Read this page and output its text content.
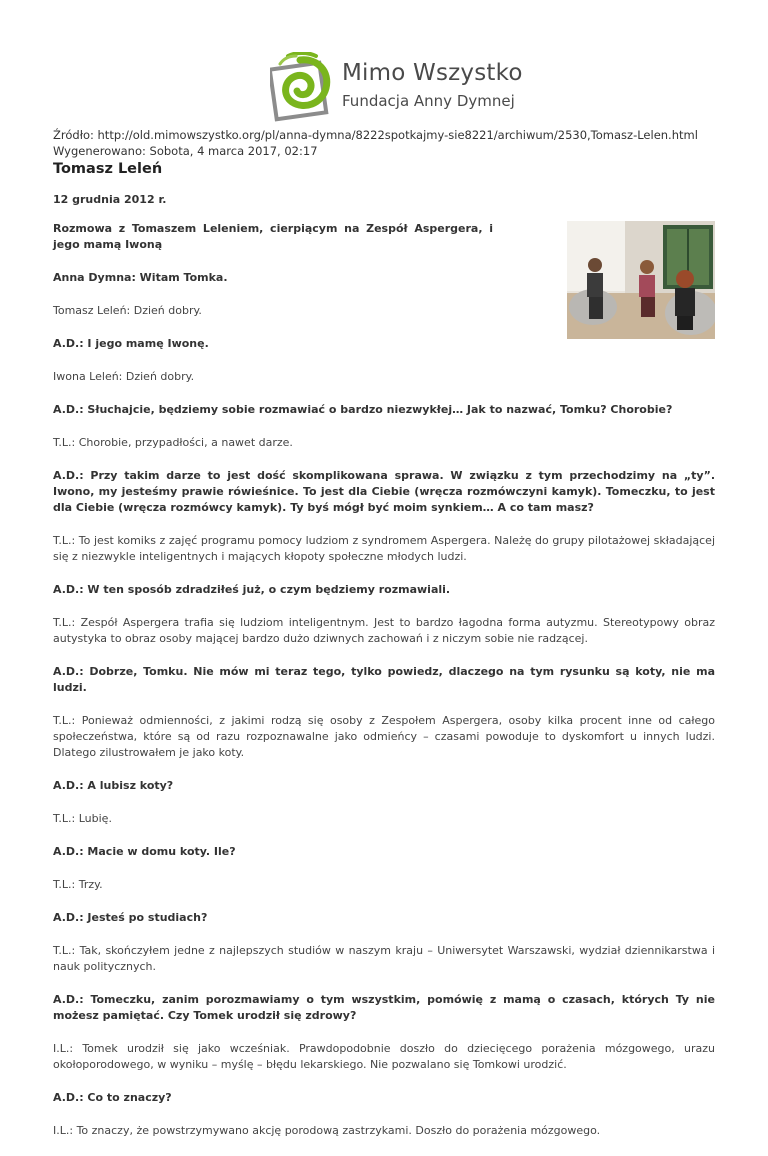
Mimo Wszystko
Fundacja Anny Dymnej
Źródło: http://old.mimowszystko.org/pl/anna-dymna/8222spotkajmy-sie8221/archiwum/2530,Tomasz-Lelen.html
Wygenerowano: Sobota, 4 marca 2017, 02:17
Tomasz Leleń

12 grudnia 2012 r.

Rozmowa z Tomaszem Leleniem, cierpiącym na Zespół Aspergera, i jego mamą Iwoną

Anna Dymna: Witam Tomka.

Tomasz Leleń: Dzień dobry.

A.D.: I jego mamę Iwonę.

Iwona Leleń: Dzień dobry.

A.D.: Słuchajcie, będziemy sobie rozmawiać o bardzo niezwykłej… Jak to nazwać, Tomku? Chorobie?

T.L.: Chorobie, przypadłości, a nawet darze.

A.D.: Przy takim darze to jest dość skomplikowana sprawa. W związku z tym przechodzimy na „ty”. Iwono, my jesteśmy prawie rówieśnice. To jest dla Ciebie (wręcza rozmówczyni kamyk). Tomeczku, to jest dla Ciebie (wręcza rozmówcy kamyk). Ty byś mógł być moim synkiem… A co tam masz?

T.L.: To jest komiks z zajęć programu pomocy ludziom z syndromem Aspergera. Należę do grupy pilotażowej składającej się z niezwykle inteligentnych i mających kłopoty społeczne młodych ludzi.

A.D.: W ten sposób zdradziłeś już, o czym będziemy rozmawiali.

T.L.: Zespół Aspergera trafia się ludziom inteligentnym. Jest to bardzo łagodna forma autyzmu. Stereotypowy obraz autystyka to obraz osoby mającej bardzo dużo dziwnych zachowań i z niczym sobie nie radzącej.

A.D.: Dobrze, Tomku. Nie mów mi teraz tego, tylko powiedz, dlaczego na tym rysunku są koty, nie ma ludzi.

T.L.: Ponieważ odmienności, z jakimi rodzą się osoby z Zespołem Aspergera, osoby kilka procent inne od całego społeczeństwa, które są od razu rozpoznawalne jako odmieńcy – czasami powoduje to dyskomfort u innych ludzi. Dlatego zilustrowałem je jako koty.

A.D.: A lubisz koty?

T.L.: Lubię.

A.D.: Macie w domu koty. Ile?

T.L.: Trzy.

A.D.: Jesteś po studiach?

T.L.: Tak, skończyłem jedne z najlepszych studiów w naszym kraju – Uniwersytet Warszawski, wydział dziennikarstwa i nauk politycznych.

A.D.: Tomeczku, zanim porozmawiamy o tym wszystkim, pomówię z mamą o czasach, których Ty nie możesz pamiętać. Czy Tomek urodził się zdrowy?

I.L.: Tomek urodził się jako wcześniak. Prawdopodobnie doszło do dziecięcego porażenia mózgowego, urazu okołoporodowego, w wyniku – myślę – błędu lekarskiego. Nie pozwalano się Tomkowi urodzić.

A.D.: Co to znaczy?

I.L.: To znaczy, że powstrzymywano akcję porodową zastrzykami. Doszło do porażenia mózgowego.
